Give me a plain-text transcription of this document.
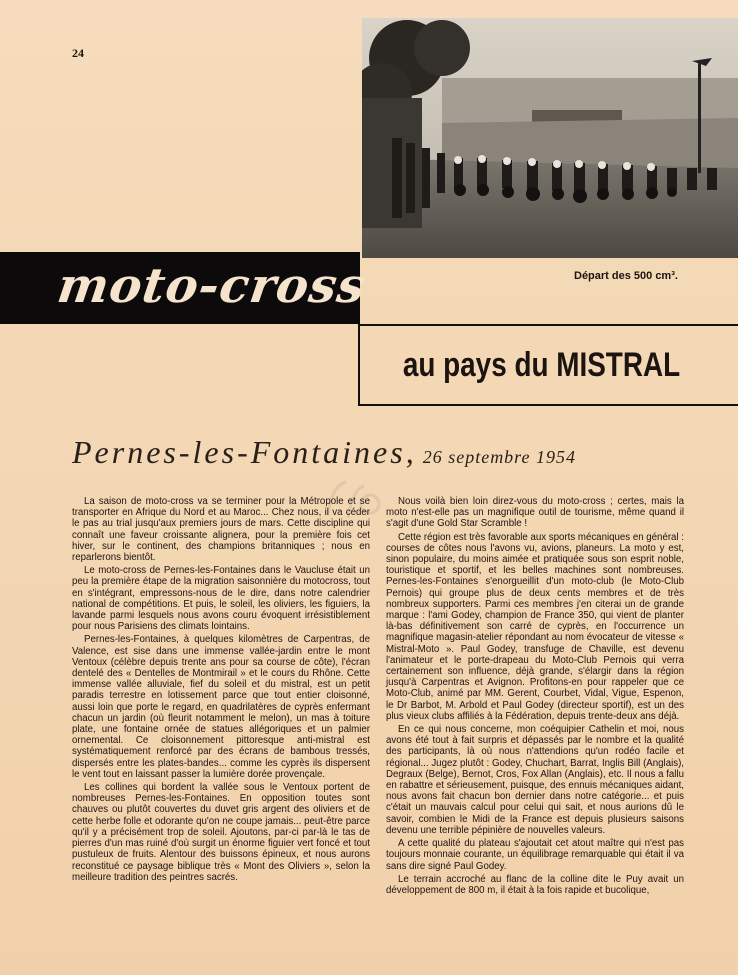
24
Départ des 500 cm³.
moto-cross
au pays du MISTRAL
Pernes-les-Fontaines, 26 septembre 1954

La saison de moto-cross va se terminer pour la Métropole et se transporter en Afrique du Nord et au Maroc... Chez nous, il va céder le pas au trial jusqu'aux premiers jours de mars. Cette discipline qui connaît une faveur croissante alignera, pour la première fois cet hiver, sur le continent, des champions britanniques ; nous en reparlerons bientôt.

Le moto-cross de Pernes-les-Fontaines dans le Vaucluse était un peu la première étape de la migration saisonnière du motocross, tout en s'intégrant, empressons-nous de le dire, dans notre calendrier national de compétitions. Et puis, le soleil, les oliviers, les figuiers, la lavande parmi lesquels nous avons couru évoquent irrésistiblement pour nous Parisiens des climats lointains.

Pernes-les-Fontaines, à quelques kilomètres de Carpentras, de Valence, est sise dans une immense vallée-jardin entre le mont Ventoux (célèbre depuis trente ans pour sa course de côte), l'écran dentelé des « Dentelles de Montmirail » et le cours du Rhône. Cette immense vallée alluviale, fief du soleil et du mistral, est un petit paradis terrestre en lotissement parce que tout entier cloisonné, aussi loin que porte le regard, en quadrilatères de cyprès enfermant chacun un jardin (où fleurit notamment le melon), un mas à toiture plate, une fontaine ornée de statues allégoriques et un palmier ornemental. Ce cloisonnement pittoresque anti-mistral est systématiquement renforcé par des écrans de bambous tressés, dispersés entre les plates-bandes... comme les cyprès ils dispersent le vent tout en laissant passer la lumière dorée provençale.

Les collines qui bordent la vallée sous le Ventoux portent de nombreuses Pernes-les-Fontaines. En opposition toutes sont chauves ou plutôt couvertes du duvet gris argent des oliviers et de cette herbe folle et odorante qu'on ne coupe jamais... peut-être parce qu'il y a précisément trop de soleil. Ajoutons, par-ci par-là le tas de pierres d'un mas ruiné d'où surgit un énorme figuier vert foncé et tout pustuleux de fruits. Alentour des buissons épineux, et nous aurons reconstitué ce paysage biblique très « Mont des Oliviers », selon la meilleure tradition des peintres sacrés.

Nous voilà bien loin direz-vous du moto-cross ; certes, mais la moto n'est-elle pas un magnifique outil de tourisme, même quand il s'agit d'une Gold Star Scramble !

Cette région est très favorable aux sports mécaniques en général : courses de côtes nous l'avons vu, avions, planeurs. La moto y est, sinon populaire, du moins aimée et pratiquée sous son esprit noble, touristique et sportif, et les belles machines sont nombreuses. Pernes-les-Fontaines s'enorgueillit d'un moto-club (le Moto-Club Pernois) qui groupe plus de deux cents membres et de très nombreux supporters. Parmi ces membres j'en citerai un de grande marque : l'ami Godey, champion de France 350, qui vient de planter là-bas définitivement son carré de cyprès, en l'occurrence un magnifique magasin-atelier répondant au nom évocateur de vitesse « Mistral-Moto ». Paul Godey, transfuge de Chaville, est devenu l'animateur et le porte-drapeau du Moto-Club Pernois qui verra certainement son influence, déjà grande, s'élargir dans la région jusqu'à Carpentras et Avignon. Profitons-en pour rappeler que ce Moto-Club, animé par MM. Gerent, Courbet, Vidal, Vigue, Espenon, le Dr Barbot, M. Arbold et Paul Godey (directeur sportif), est un des plus vieux clubs affiliés à la Fédération, depuis trente-deux ans déjà.

En ce qui nous concerne, mon coéquipier Cathelin et moi, nous avons été tout à fait surpris et dépassés par le nombre et la qualité des participants, là où nous n'attendions qu'un rodéo facile et régional... Jugez plutôt : Godey, Chuchart, Barrat, Inglis Bill (Anglais), Degraux (Belge), Bernot, Cros, Fox Allan (Anglais), etc. Il nous a fallu en rabattre et sérieusement, puisque, des ennuis mécaniques aidant, nous avons fait chacun bon dernier dans notre catégorie... et puis c'était un mauvais calcul pour celui qui sait, et nous aurions dû le savoir, combien le Midi de la France est depuis plusieurs saisons devenu une terrible pépinière de nouvelles valeurs.

A cette qualité du plateau s'ajoutait cet atout maître qui n'est pas toujours monnaie courante, un équilibrage remarquable qui était il va sans dire signé Paul Godey.

Le terrain accroché au flanc de la colline dite le Puy avait un développement de 800 m, il était à la fois rapide et bucolique,
